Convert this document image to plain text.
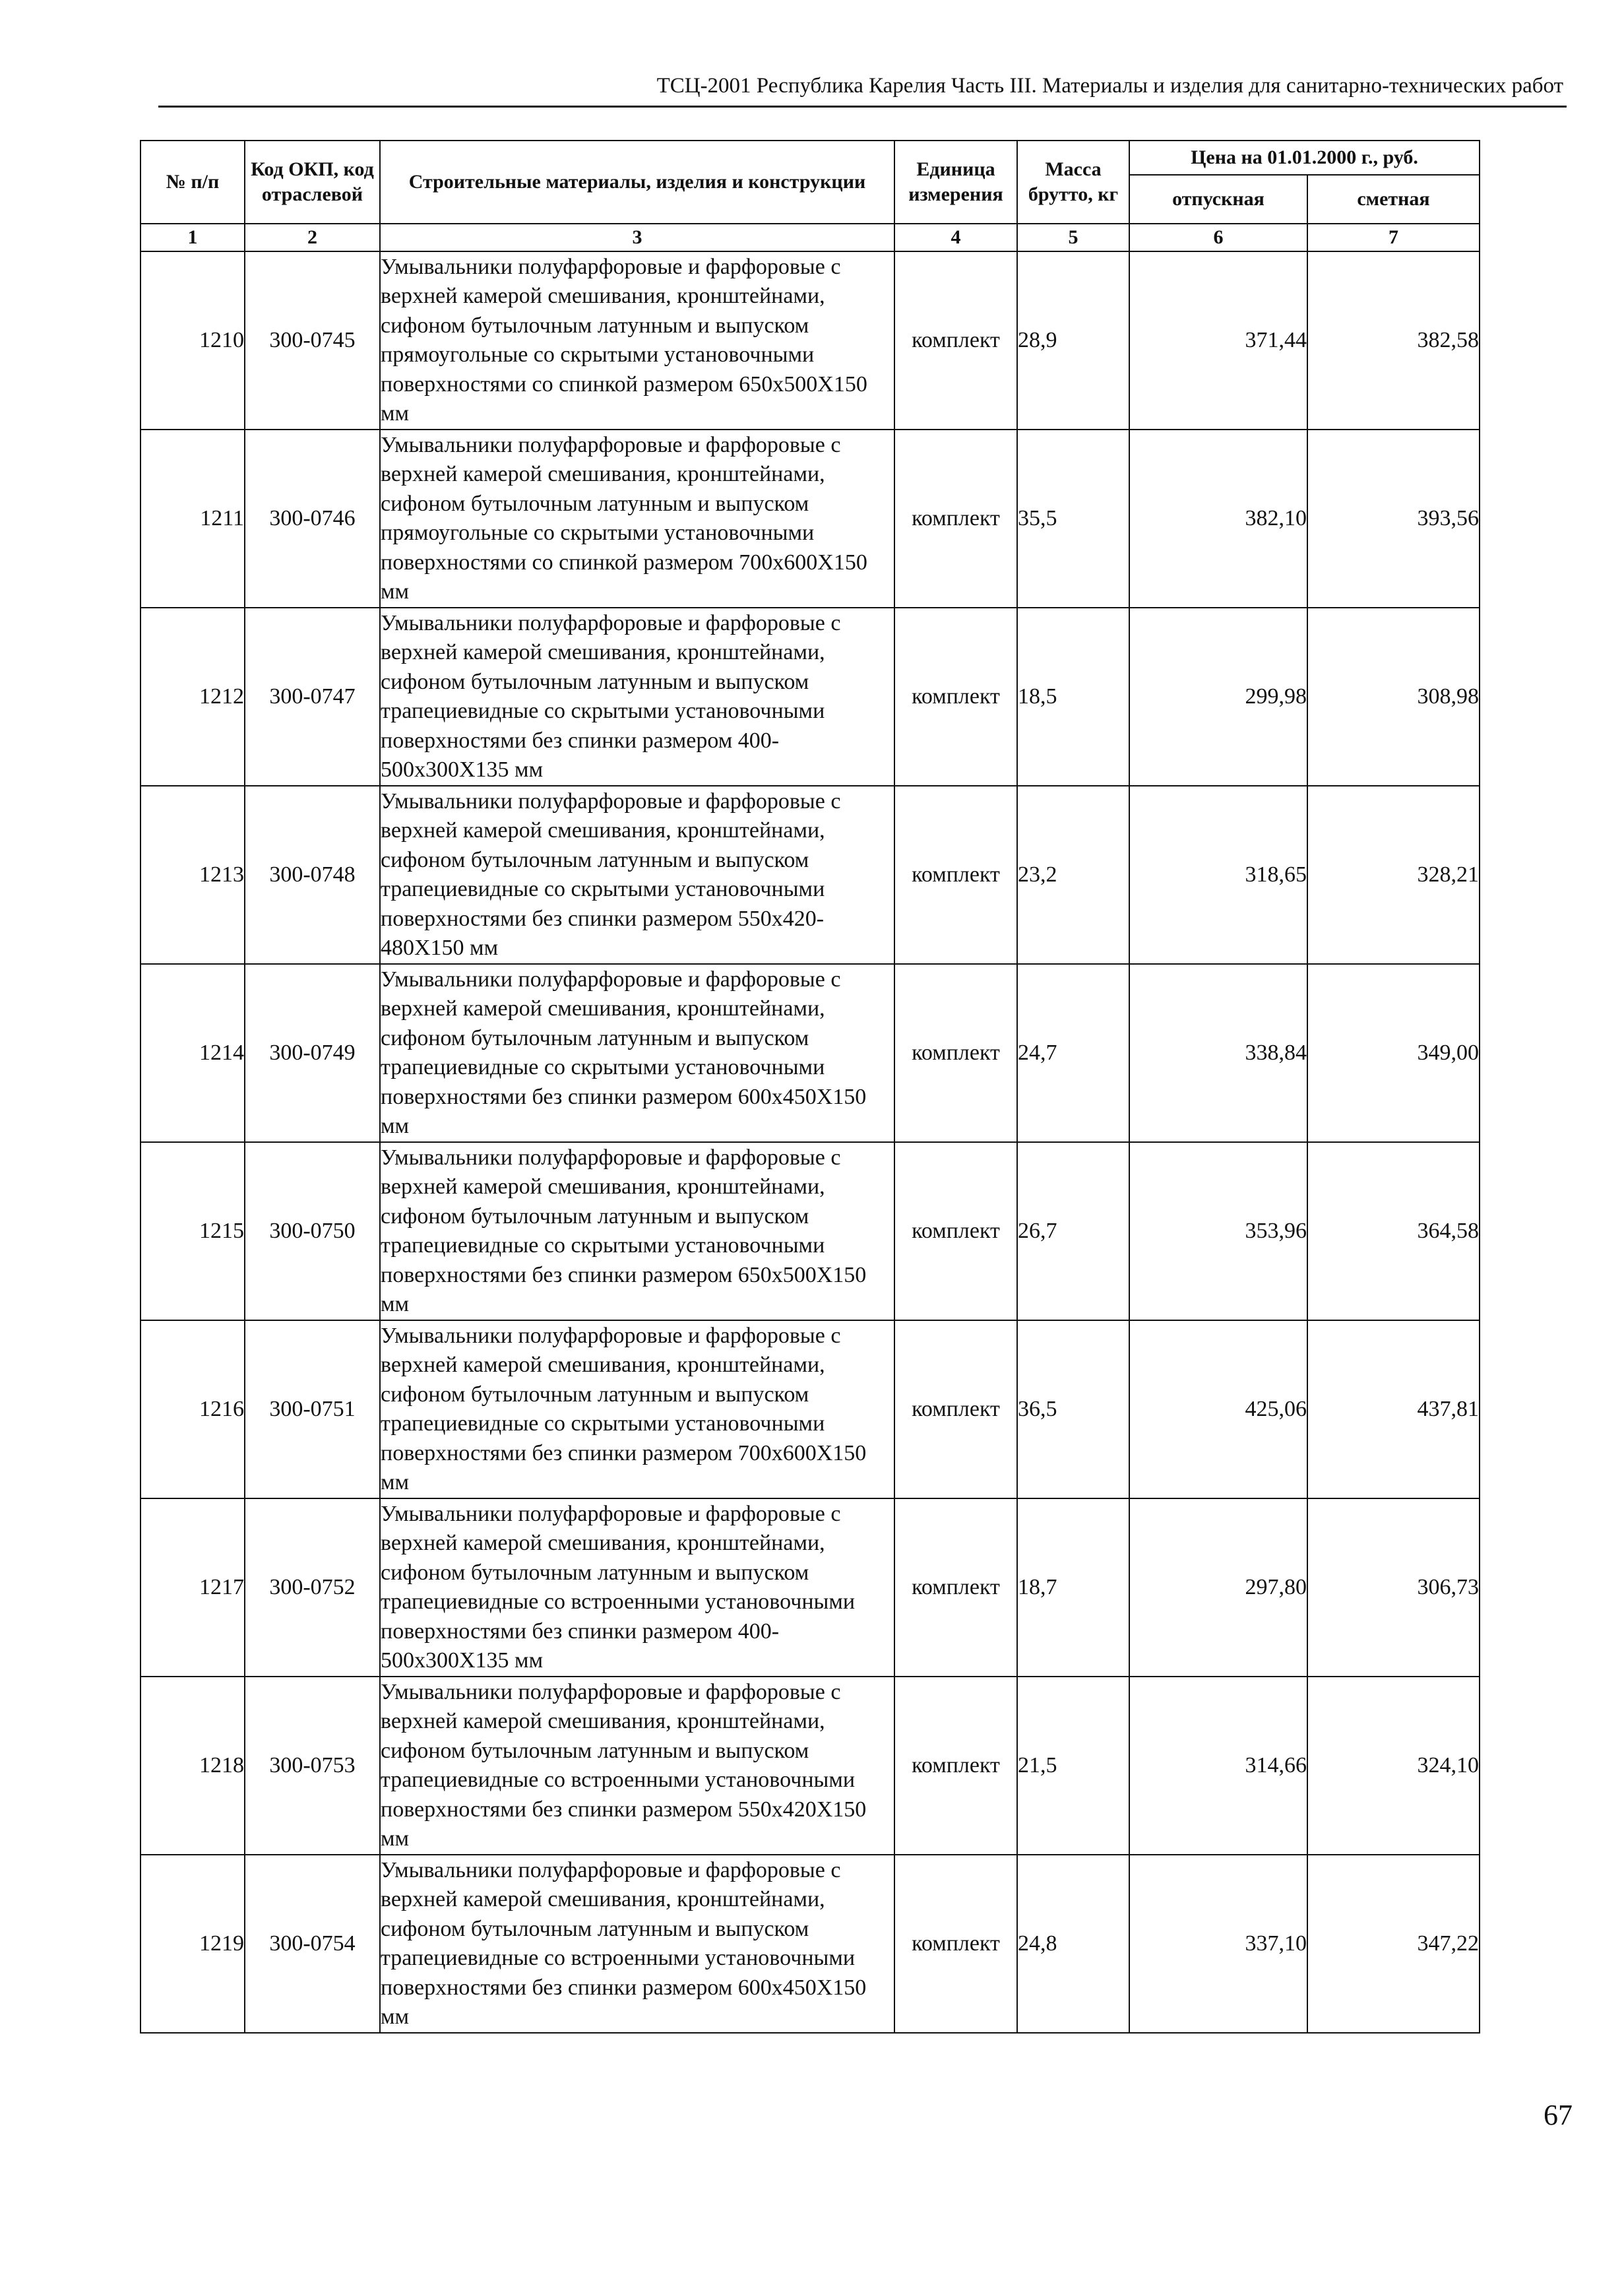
ТСЦ-2001 Республика Карелия Часть III. Материалы и изделия для санитарно-технических работ
№ п/п	Код ОКП, код отраслевой	Строительные материалы, изделия и конструкции	Единица измерения	Масса брутто, кг	Цена на 01.01.2000 г., руб.	
					отпускная	сметная
1	2	3	4	5	6	7
1210	300-0745	Умывальники полуфарфоровые и фарфоровые с верхней камерой смешивания, кронштейнами, сифоном бутылочным латунным и выпуском прямоугольные со скрытыми установочными поверхностями со спинкой размером 650x500X150 мм	комплект	28,9	371,44	382,58
1211	300-0746	Умывальники полуфарфоровые и фарфоровые с верхней камерой смешивания, кронштейнами, сифоном бутылочным латунным и выпуском прямоугольные со скрытыми установочными поверхностями со спинкой размером 700x600X150 мм	комплект	35,5	382,10	393,56
1212	300-0747	Умывальники полуфарфоровые и фарфоровые с верхней камерой смешивания, кронштейнами, сифоном бутылочным латунным и выпуском трапециевидные со скрытыми установочными поверхностями без спинки размером 400-500x300X135 мм	комплект	18,5	299,98	308,98
1213	300-0748	Умывальники полуфарфоровые и фарфоровые с верхней камерой смешивания, кронштейнами, сифоном бутылочным латунным и выпуском трапециевидные со скрытыми установочными поверхностями без спинки размером 550x420-480X150 мм	комплект	23,2	318,65	328,21
1214	300-0749	Умывальники полуфарфоровые и фарфоровые с верхней камерой смешивания, кронштейнами, сифоном бутылочным латунным и выпуском трапециевидные со скрытыми установочными поверхностями без спинки размером 600x450X150 мм	комплект	24,7	338,84	349,00
1215	300-0750	Умывальники полуфарфоровые и фарфоровые с верхней камерой смешивания, кронштейнами, сифоном бутылочным латунным и выпуском трапециевидные со скрытыми установочными поверхностями без спинки размером 650x500X150 мм	комплект	26,7	353,96	364,58
1216	300-0751	Умывальники полуфарфоровые и фарфоровые с верхней камерой смешивания, кронштейнами, сифоном бутылочным латунным и выпуском трапециевидные со скрытыми установочными поверхностями без спинки размером 700x600X150 мм	комплект	36,5	425,06	437,81
1217	300-0752	Умывальники полуфарфоровые и фарфоровые с верхней камерой смешивания, кронштейнами, сифоном бутылочным латунным и выпуском трапециевидные со встроенными установочными поверхностями без спинки размером 400-500x300X135 мм	комплект	18,7	297,80	306,73
1218	300-0753	Умывальники полуфарфоровые и фарфоровые с верхней камерой смешивания, кронштейнами, сифоном бутылочным латунным и выпуском трапециевидные со встроенными установочными поверхностями без спинки размером 550x420X150 мм	комплект	21,5	314,66	324,10
1219	300-0754	Умывальники полуфарфоровые и фарфоровые с верхней камерой смешивания, кронштейнами, сифоном бутылочным латунным и выпуском трапециевидные со встроенными установочными поверхностями без спинки размером 600x450X150 мм	комплект	24,8	337,10	347,22
67
